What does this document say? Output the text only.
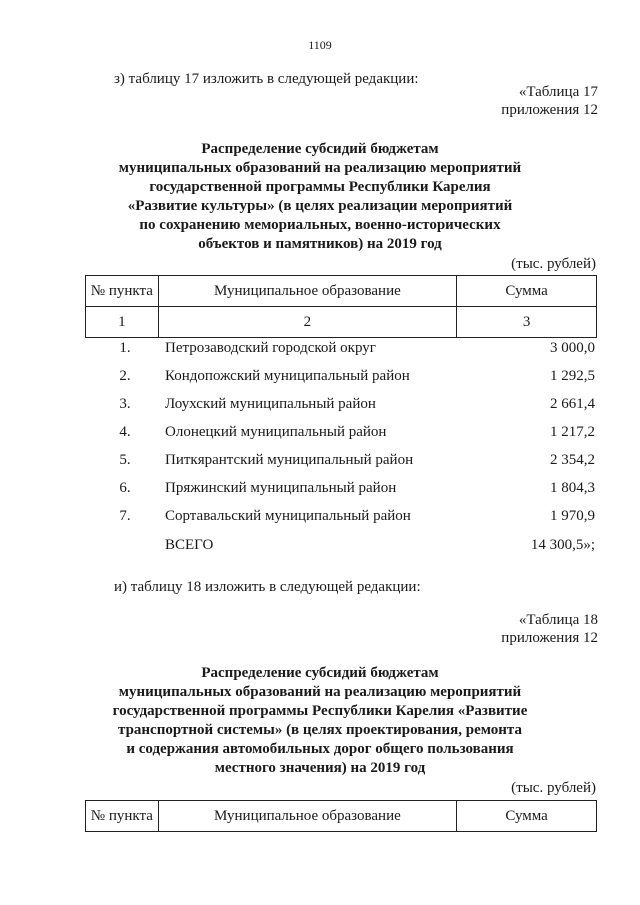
1109
з) таблицу 17 изложить в следующей редакции:
«Таблица 17
приложения 12
Распределение субсидий бюджетам
муниципальных образований на реализацию мероприятий
государственной программы Республики Карелия
«Развитие культуры» (в целях реализации мероприятий
по сохранению мемориальных, военно-исторических
объектов и памятников) на 2019 год
(тыс. рублей)
№ пункта	Муниципальное образование	Сумма
1	2	3
1.	Петрозаводский городской округ	3 000,0
2.	Кондопожский муниципальный район	1 292,5
3.	Лоухский муниципальный район	2 661,4
4.	Олонецкий муниципальный район	1 217,2
5.	Питкярантский муниципальный район	2 354,2
6.	Пряжинский муниципальный район	1 804,3
7.	Сортавальский муниципальный район	1 970,9
ВСЕГО	14 300,5»;
и) таблицу 18 изложить в следующей редакции:
«Таблица 18
приложения 12
Распределение субсидий бюджетам
муниципальных образований на реализацию мероприятий
государственной программы Республики Карелия «Развитие
транспортной системы» (в целях проектирования, ремонта
и содержания автомобильных дорог общего пользования
местного значения) на 2019 год
(тыс. рублей)
№ пункта	Муниципальное образование	Сумма
